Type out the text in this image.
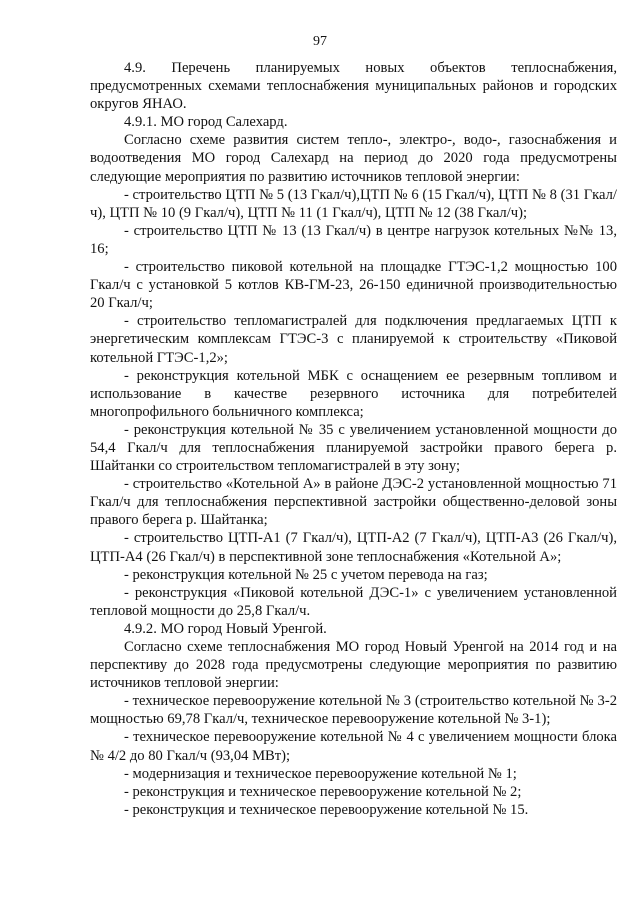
97

4.9. Перечень планируемых новых объектов теплоснабжения, предусмотренных схемами теплоснабжения муниципальных районов и городских округов ЯНАО.

4.9.1. МО город Салехард.

Согласно схеме развития систем тепло-, электро-, водо-, газоснабжения и водоотведения МО город Салехард на период до 2020 года предусмотрены следующие мероприятия по развитию источников тепловой энергии:

- строительство ЦТП № 5 (13 Гкал/ч),ЦТП № 6 (15 Гкал/ч), ЦТП № 8 (31 Гкал/ч), ЦТП № 10 (9 Гкал/ч), ЦТП № 11 (1 Гкал/ч), ЦТП № 12 (38 Гкал/ч);

- строительство ЦТП № 13 (13 Гкал/ч) в центре нагрузок котельных №№ 13, 16;

- строительство пиковой котельной на площадке ГТЭС-1,2 мощностью 100 Гкал/ч с установкой 5 котлов КВ-ГМ-23, 26-150 единичной производительностью 20 Гкал/ч;

- строительство тепломагистралей для подключения предлагаемых ЦТП к энергетическим комплексам ГТЭС-3 с планируемой к строительству «Пиковой котельной ГТЭС-1,2»;

- реконструкция котельной МБК с оснащением ее резервным топливом и использование в качестве резервного источника для потребителей многопрофильного больничного комплекса;

- реконструкция котельной № 35 с увеличением установленной мощности до 54,4 Гкал/ч для теплоснабжения планируемой застройки правого берега р. Шайтанки со строительством тепломагистралей в эту зону;

- строительство «Котельной А» в районе ДЭС-2 установленной мощностью 71 Гкал/ч для теплоснабжения перспективной застройки общественно-деловой зоны правого берега р. Шайтанка;

- строительство ЦТП-А1 (7 Гкал/ч), ЦТП-А2 (7 Гкал/ч), ЦТП-А3 (26 Гкал/ч), ЦТП-А4 (26 Гкал/ч) в перспективной зоне теплоснабжения «Котельной А»;

- реконструкция котельной № 25 с учетом перевода на газ;

- реконструкция «Пиковой котельной ДЭС-1» с увеличением установленной тепловой мощности до 25,8 Гкал/ч.

4.9.2. МО город Новый Уренгой.

Согласно схеме теплоснабжения МО город Новый Уренгой на 2014 год и на перспективу до 2028 года предусмотрены следующие мероприятия по развитию источников тепловой энергии:

- техническое перевооружение котельной № 3 (строительство котельной № 3-2 мощностью 69,78 Гкал/ч, техническое перевооружение котельной № 3-1);

- техническое перевооружение котельной № 4 с увеличением мощности блока № 4/2 до 80 Гкал/ч (93,04 МВт);

- модернизация и техническое перевооружение котельной № 1;

- реконструкция и техническое перевооружение котельной № 2;

- реконструкция и техническое перевооружение котельной № 15.
